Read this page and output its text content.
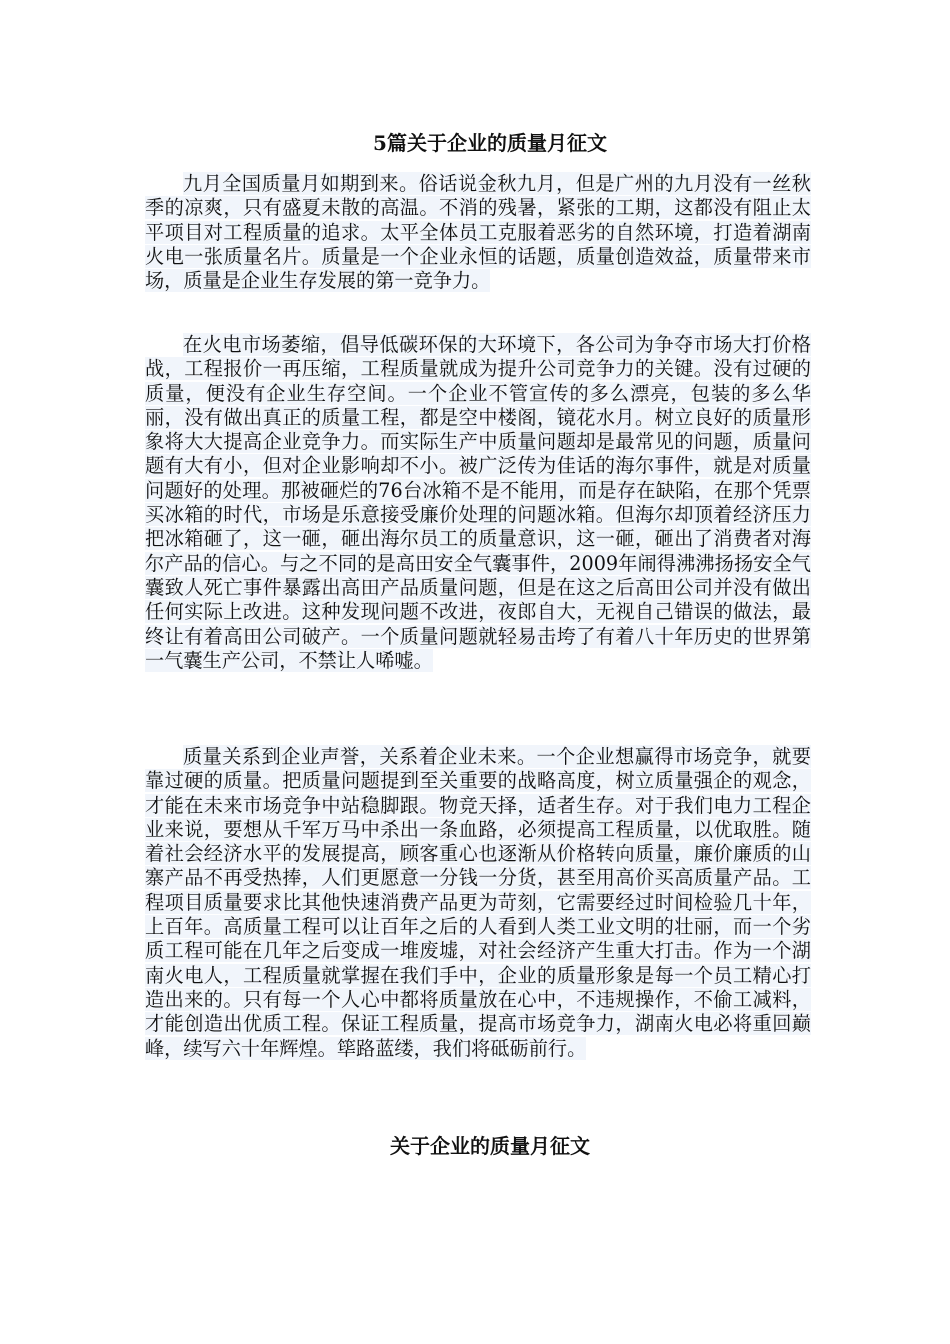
5篇关于企业的质量月征文

九月全国质量月如期到来。俗话说金秋九月，但是广州的九月没有一丝秋季的凉爽，只有盛夏未散的高温。不消的残暑，紧张的工期，这都没有阻止太平项目对工程质量的追求。太平全体员工克服着恶劣的自然环境，打造着湖南火电一张质量名片。质量是一个企业永恒的话题，质量创造效益，质量带来市场，质量是企业生存发展的第一竞争力。

在火电市场萎缩，倡导低碳环保的大环境下，各公司为争夺市场大打价格战，工程报价一再压缩，工程质量就成为提升公司竞争力的关键。没有过硬的质量，便没有企业生存空间。一个企业不管宣传的多么漂亮，包装的多么华丽，没有做出真正的质量工程，都是空中楼阁，镜花水月。树立良好的质量形象将大大提高企业竞争力。而实际生产中质量问题却是最常见的问题，质量问题有大有小，但对企业影响却不小。被广泛传为佳话的海尔事件，就是对质量问题好的处理。那被砸烂的76台冰箱不是不能用，而是存在缺陷，在那个凭票买冰箱的时代，市场是乐意接受廉价处理的问题冰箱。但海尔却顶着经济压力把冰箱砸了，这一砸，砸出海尔员工的质量意识，这一砸，砸出了消费者对海尔产品的信心。与之不同的是高田安全气囊事件，2009年闹得沸沸扬扬安全气囊致人死亡事件暴露出高田产品质量问题，但是在这之后高田公司并没有做出任何实际上改进。这种发现问题不改进，夜郎自大，无视自己错误的做法，最终让有着高田公司破产。一个质量问题就轻易击垮了有着八十年历史的世界第一气囊生产公司，不禁让人唏嘘。

质量关系到企业声誉，关系着企业未来。一个企业想赢得市场竞争，就要靠过硬的质量。把质量问题提到至关重要的战略高度，树立质量强企的观念，才能在未来市场竞争中站稳脚跟。物竞天择，适者生存。对于我们电力工程企业来说，要想从千军万马中杀出一条血路，必须提高工程质量，以优取胜。随着社会经济水平的发展提高，顾客重心也逐渐从价格转向质量，廉价廉质的山寨产品不再受热捧，人们更愿意一分钱一分货，甚至用高价买高质量产品。工程项目质量要求比其他快速消费产品更为苛刻，它需要经过时间检验几十年，上百年。高质量工程可以让百年之后的人看到人类工业文明的壮丽，而一个劣质工程可能在几年之后变成一堆废墟，对社会经济产生重大打击。作为一个湖南火电人，工程质量就掌握在我们手中，企业的质量形象是每一个员工精心打造出来的。只有每一个人心中都将质量放在心中，不违规操作，不偷工减料，才能创造出优质工程。保证工程质量，提高市场竞争力，湖南火电必将重回巅峰，续写六十年辉煌。筚路蓝缕，我们将砥砺前行。

关于企业的质量月征文
